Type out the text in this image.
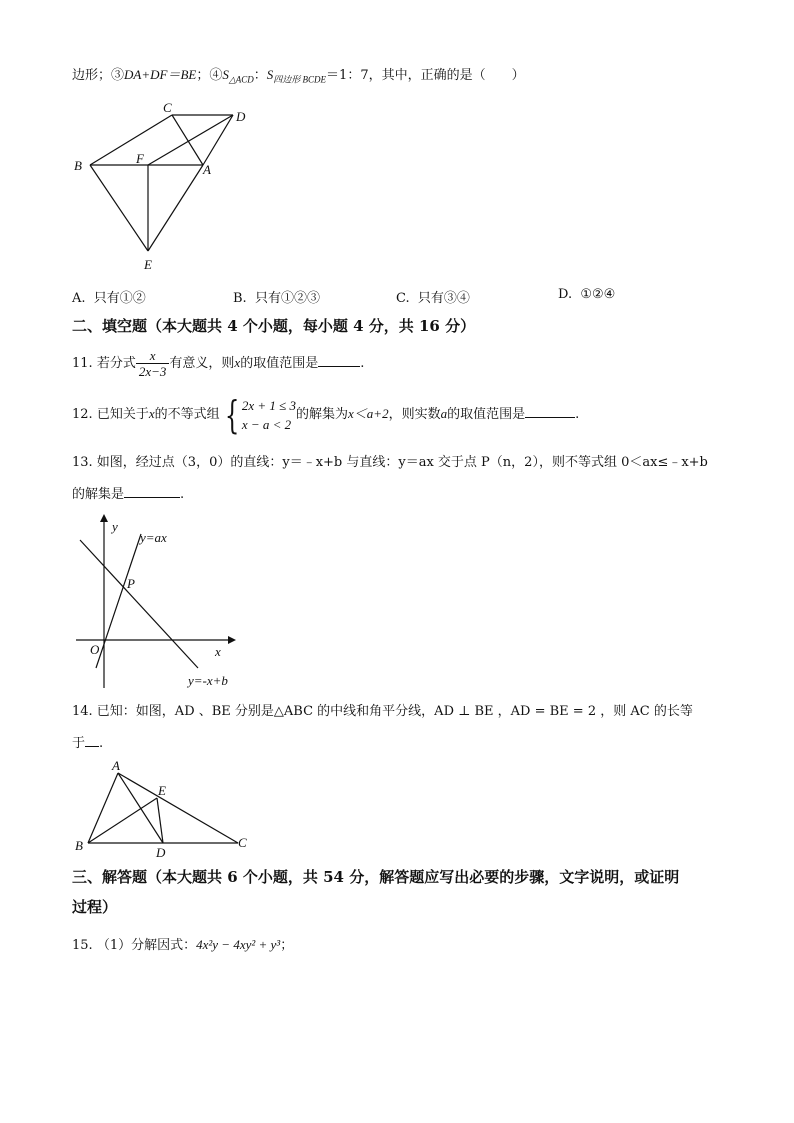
边形；③DA+DF＝BE；$④S_{\triangle ACD}$：$S_{四边形 BCDE}=1$：7，其中，正确的是（　　）
C
D
B	F
A
E
A. 只有①②	B. 只有①②③	C. 只有③④	D. ①②④
二、填空题（本大题共 4 个小题，每小题 4 分，共 16 分）
11. 若分式 $\frac{x}{2x-3}$ 有意义，则x的取值范围是	.
12. 已知关于x的不等式组 { 2x + 1 ≤ 3
x − a < 2
的解集为x＜a+2，则实数a的取值范围是	.
13. 如图，经过点（3，0）的直线：y＝﹣x+b 与直线：y＝ax 交于点 P（n，2），则不等式组 0＜ax≤﹣x+b
的解集是	.
y
y=ax
P
O	x
y=-x+b
14. 已知：如图，AD 、BE 分别是△ABC 的中线和角平分线，AD ⊥ BE ，AD = BE = 2 ，则 AC 的长等
于 .
A
E
B	D
C
三、解答题（本大题共 6 个小题，共 54 分，解答题应写出必要的步骤，文字说明，或证明
过程）
15. （1）分解因式：4x²y − 4xy² + y³；
